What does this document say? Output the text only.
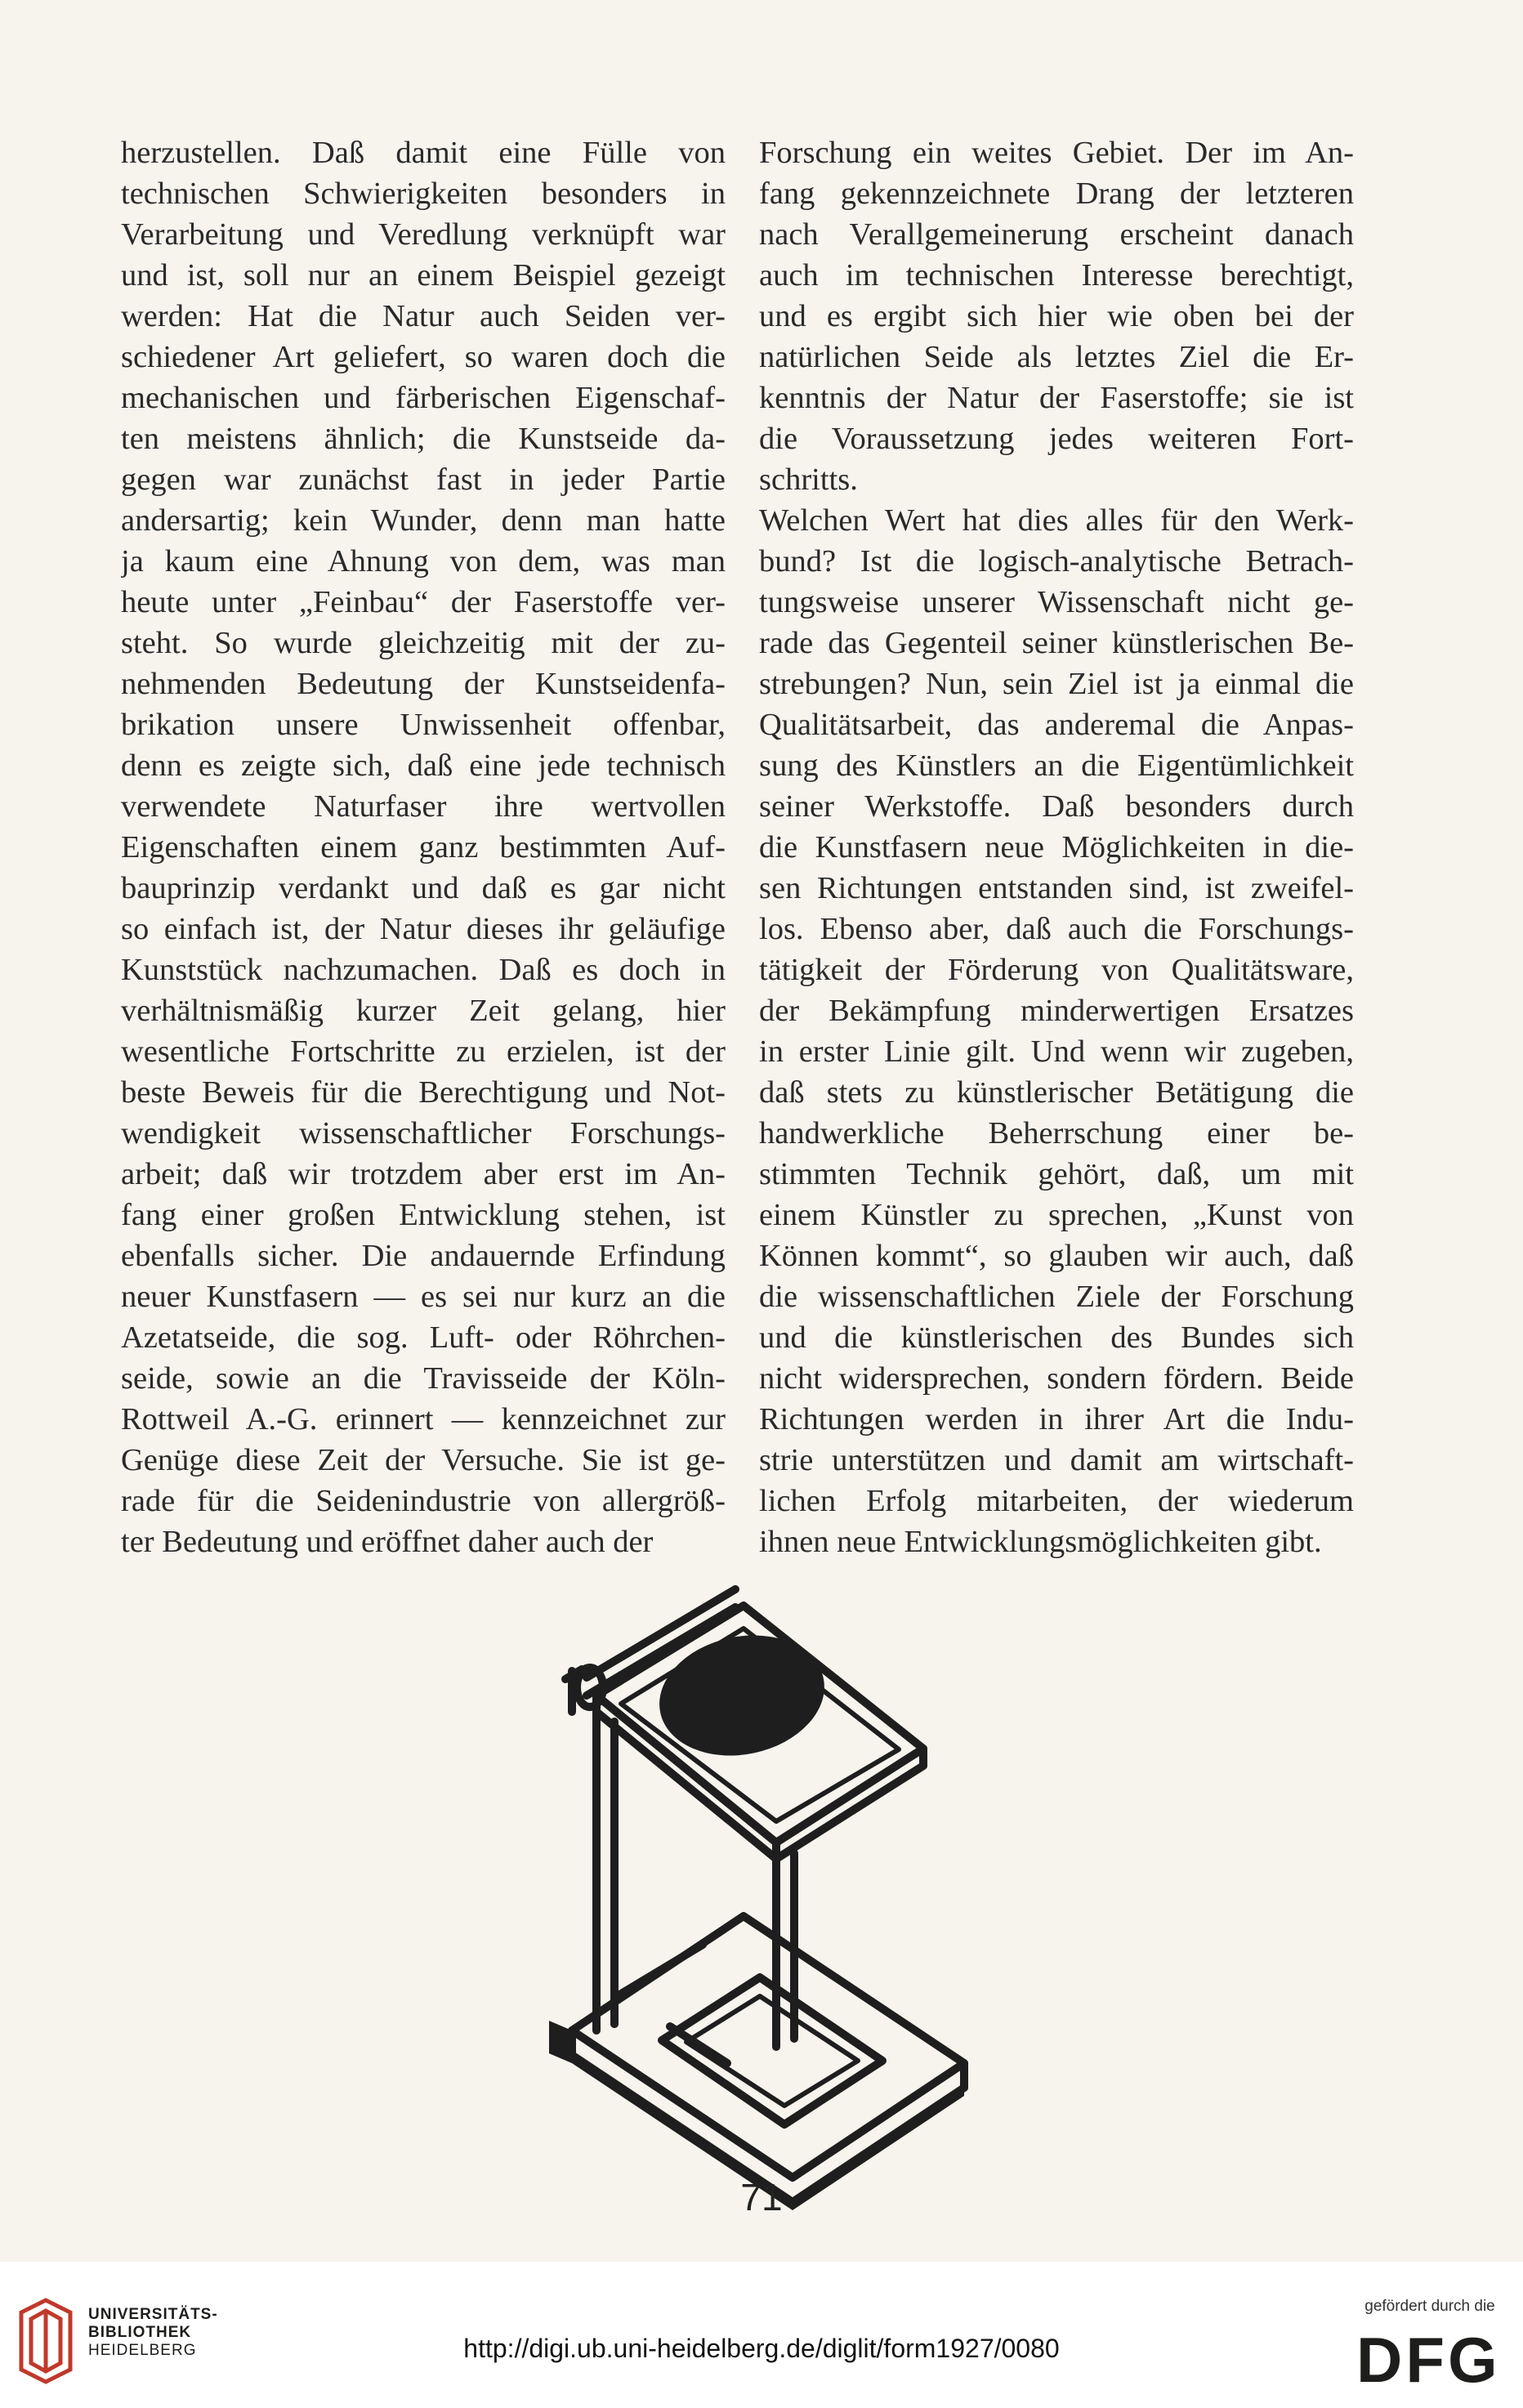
herzustellen. Daß damit eine Fülle von
technischen Schwierigkeiten besonders in
Verarbeitung und Veredlung verknüpft war
und ist, soll nur an einem Beispiel gezeigt
werden: Hat die Natur auch Seiden ver-
schiedener Art geliefert, so waren doch die
mechanischen und färberischen Eigenschaf-
ten meistens ähnlich; die Kunstseide da-
gegen war zunächst fast in jeder Partie
andersartig; kein Wunder, denn man hatte
ja kaum eine Ahnung von dem, was man
heute unter „Feinbau“ der Faserstoffe ver-
steht. So wurde gleichzeitig mit der zu-
nehmenden Bedeutung der Kunstseidenfa-
brikation unsere Unwissenheit offenbar,
denn es zeigte sich, daß eine jede technisch
verwendete Naturfaser ihre wertvollen
Eigenschaften einem ganz bestimmten Auf-
bauprinzip verdankt und daß es gar nicht
so einfach ist, der Natur dieses ihr geläufige
Kunststück nachzumachen. Daß es doch in
verhältnismäßig kurzer Zeit gelang, hier
wesentliche Fortschritte zu erzielen, ist der
beste Beweis für die Berechtigung und Not-
wendigkeit wissenschaftlicher Forschungs-
arbeit; daß wir trotzdem aber erst im An-
fang einer großen Entwicklung stehen, ist
ebenfalls sicher. Die andauernde Erfindung
neuer Kunstfasern — es sei nur kurz an die
Azetatseide, die sog. Luft- oder Röhrchen-
seide, sowie an die Travisseide der Köln-
Rottweil A.-G. erinnert — kennzeichnet zur
Genüge diese Zeit der Versuche. Sie ist ge-
rade für die Seidenindustrie von allergröß-
ter Bedeutung und eröffnet daher auch der
Forschung ein weites Gebiet. Der im An-
fang gekennzeichnete Drang der letzteren
nach Verallgemeinerung erscheint danach
auch im technischen Interesse berechtigt,
und es ergibt sich hier wie oben bei der
natürlichen Seide als letztes Ziel die Er-
kenntnis der Natur der Faserstoffe; sie ist
die Voraussetzung jedes weiteren Fort-
schritts.
Welchen Wert hat dies alles für den Werk-
bund? Ist die logisch-analytische Betrach-
tungsweise unserer Wissenschaft nicht ge-
rade das Gegenteil seiner künstlerischen Be-
strebungen? Nun, sein Ziel ist ja einmal die
Qualitätsarbeit, das anderemal die Anpas-
sung des Künstlers an die Eigentümlichkeit
seiner Werkstoffe. Daß besonders durch
die Kunstfasern neue Möglichkeiten in die-
sen Richtungen entstanden sind, ist zweifel-
los. Ebenso aber, daß auch die Forschungs-
tätigkeit der Förderung von Qualitätsware,
der Bekämpfung minderwertigen Ersatzes
in erster Linie gilt. Und wenn wir zugeben,
daß stets zu künstlerischer Betätigung die
handwerkliche Beherrschung einer be-
stimmten Technik gehört, daß, um mit
einem Künstler zu sprechen, „Kunst von
Können kommt“, so glauben wir auch, daß
die wissenschaftlichen Ziele der Forschung
und die künstlerischen des Bundes sich
nicht widersprechen, sondern fördern. Beide
Richtungen werden in ihrer Art die Indu-
strie unterstützen und damit am wirtschaft-
lichen Erfolg mitarbeiten, der wiederum
ihnen neue Entwicklungsmöglichkeiten gibt.
71
UNIVERSITÄTS-
BIBLIOTHEK
HEIDELBERG	http://digi.ub.uni-heidelberg.de/diglit/form1927/0080
gefördert durch die
DFG
